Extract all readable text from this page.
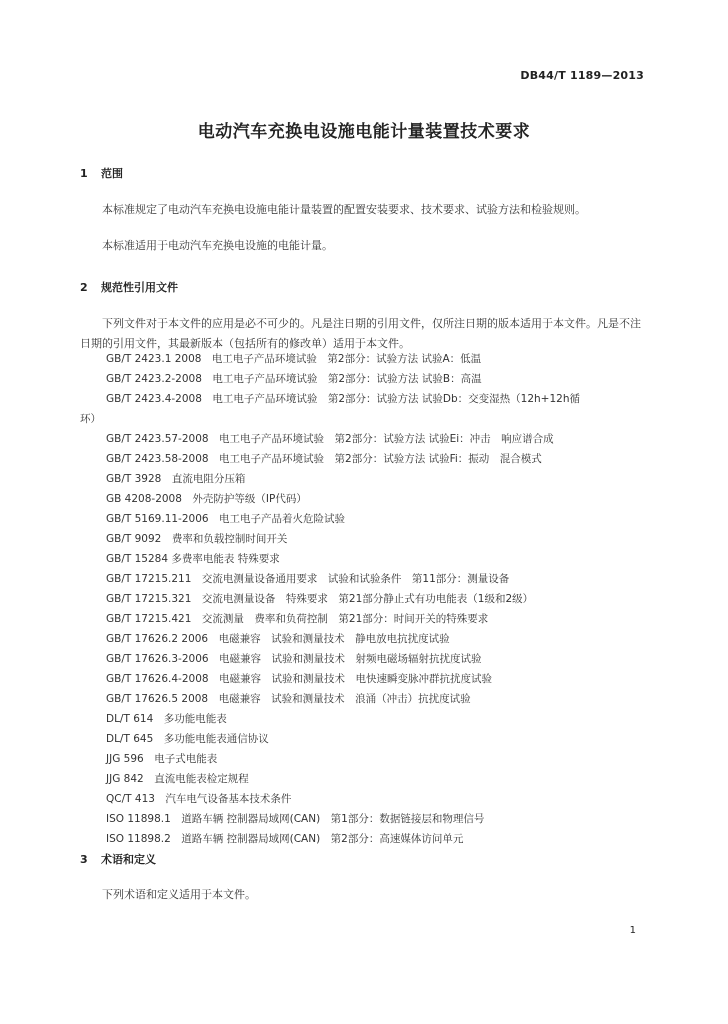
DB44/T 1189—2013
电动汽车充换电设施电能计量装置技术要求
1 范围
本标准规定了电动汽车充换电设施电能计量装置的配置安装要求、技术要求、试验方法和检验规则。
本标准适用于电动汽车充换电设施的电能计量。
2 规范性引用文件
下列文件对于本文件的应用是必不可少的。凡是注日期的引用文件，仅所注日期的版本适用于本文件。凡是不注日期的引用文件，其最新版本（包括所有的修改单）适用于本文件。
GB/T 2423.1 2008　电工电子产品环境试验　第2部分：试验方法 试验A：低温
GB/T 2423.2-2008　电工电子产品环境试验　第2部分：试验方法 试验B：高温
GB/T 2423.4-2008　电工电子产品环境试验　第2部分：试验方法 试验Db：交变湿热（12h+12h循
环）
GB/T 2423.57-2008　电工电子产品环境试验　第2部分：试验方法 试验Ei：冲击　响应谱合成
GB/T 2423.58-2008　电工电子产品环境试验　第2部分：试验方法 试验Fi：振动　混合模式
GB/T 3928　直流电阻分压箱
GB 4208-2008　外壳防护等级（IP代码）
GB/T 5169.11-2006　电工电子产品着火危险试验
GB/T 9092　费率和负载控制时间开关
GB/T 15284 多费率电能表 特殊要求
GB/T 17215.211　交流电测量设备通用要求　试验和试验条件　第11部分：测量设备
GB/T 17215.321　交流电测量设备　特殊要求　第21部分静止式有功电能表（1级和2级）
GB/T 17215.421　交流测量　费率和负荷控制　第21部分：时间开关的特殊要求
GB/T 17626.2 2006　电磁兼容　试验和测量技术　静电放电抗扰度试验
GB/T 17626.3-2006　电磁兼容　试验和测量技术　射频电磁场辐射抗扰度试验
GB/T 17626.4-2008　电磁兼容　试验和测量技术　电快速瞬变脉冲群抗扰度试验
GB/T 17626.5 2008　电磁兼容　试验和测量技术　浪涌（冲击）抗扰度试验
DL/T 614　多功能电能表
DL/T 645　多功能电能表通信协议
JJG 596　电子式电能表
JJG 842　直流电能表检定规程
QC/T 413　汽车电气设备基本技术条件
ISO 11898.1　道路车辆 控制器局域网(CAN)　第1部分：数据链接层和物理信号
ISO 11898.2　道路车辆 控制器局域网(CAN)　第2部分：高速媒体访问单元
3 术语和定义
下列术语和定义适用于本文件。
1
